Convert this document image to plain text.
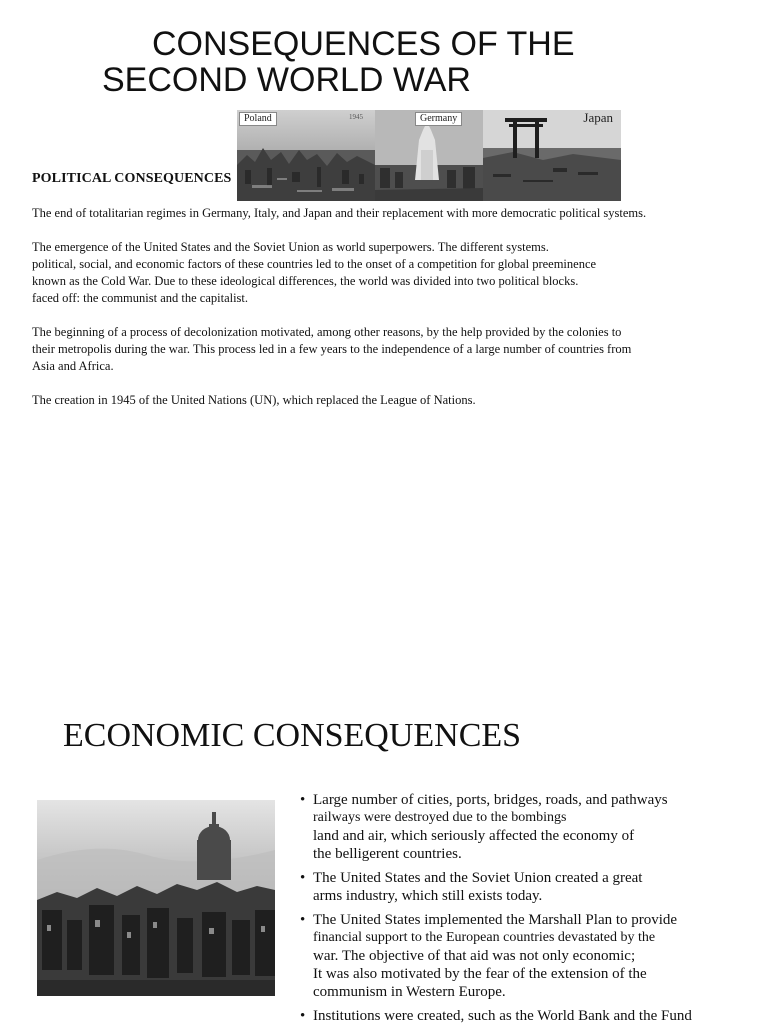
CONSEQUENCES OF THE
SECOND WORLD WAR
1945
Poland	Germany	Japan
POLITICAL CONSEQUENCES

The end of totalitarian regimes in Germany, Italy, and Japan and their replacement with more democratic political systems.

The emergence of the United States and the Soviet Union as world superpowers. The different systems.
political, social, and economic factors of these countries led to the onset of a competition for global preeminence
known as the Cold War. Due to these ideological differences, the world was divided into two political blocks.
faced off: the communist and the capitalist.

The beginning of a process of decolonization motivated, among other reasons, by the help provided by the colonies to
their metropolis during the war. This process led in a few years to the independence of a large number of countries from
Asia and Africa.

The creation in 1945 of the United Nations (UN), which replaced the League of Nations.

ECONOMIC CONSEQUENCES
• Large number of cities, ports, bridges, roads, and pathways
railways were destroyed due to the bombings
land and air, which seriously affected the economy of
the belligerent countries.
• The United States and the Soviet Union created a great
arms industry, which still exists today.
• The United States implemented the Marshall Plan to provide
financial support to the European countries devastated by the
war. The objective of that aid was not only economic;
It was also motivated by the fear of the extension of the
communism in Western Europe.
• Institutions were created, such as the World Bank and the Fund
